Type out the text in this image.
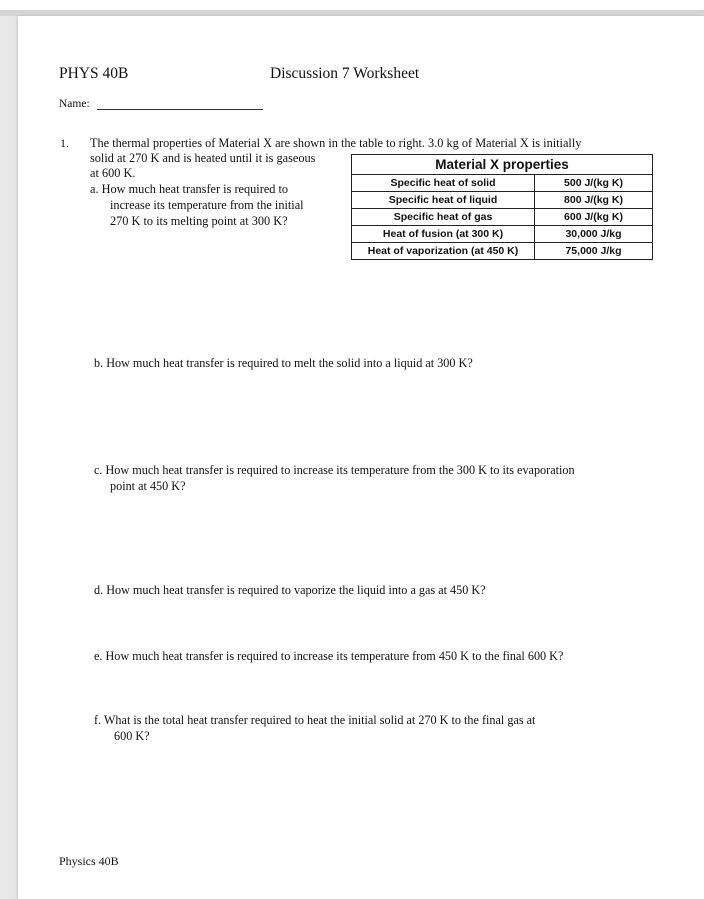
PHYS 40B	Discussion 7 Worksheet
Name:
1. The thermal properties of Material X are shown in the table to right. 3.0 kg of Material X is initially
solid at 270 K and is heated until it is gaseous
at 600 K.
a. How much heat transfer is required to
increase its temperature from the initial
270 K to its melting point at 300 K?
Material X properties	
Specific heat of solid	500 J/(kg K)
Specific heat of liquid	800 J/(kg K)
Specific heat of gas	600 J/(kg K)
Heat of fusion (at 300 K)	30,000 J/kg
Heat of vaporization (at 450 K)	75,000 J/kg
b. How much heat transfer is required to melt the solid into a liquid at 300 K?
c. How much heat transfer is required to increase its temperature from the 300 K to its evaporation
point at 450 K?
d. How much heat transfer is required to vaporize the liquid into a gas at 450 K?
e. How much heat transfer is required to increase its temperature from 450 K to the final 600 K?
f. What is the total heat transfer required to heat the initial solid at 270 K to the final gas at
600 K?
Physics 40B
